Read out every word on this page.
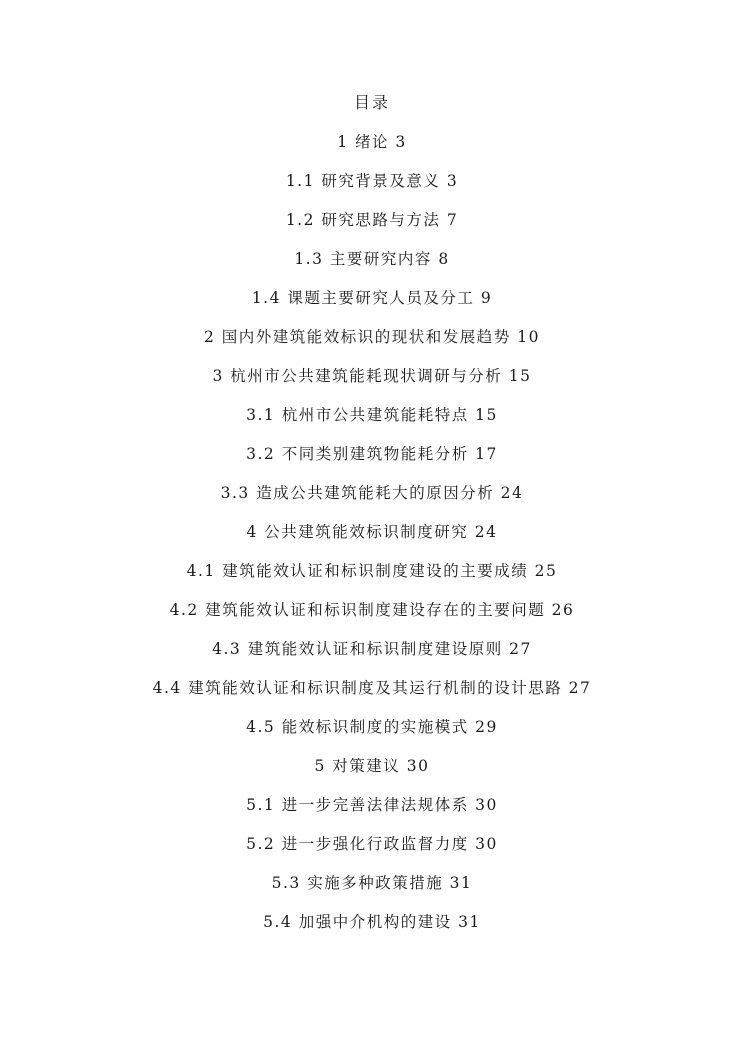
目录
1 绪论 3
1.1 研究背景及意义 3
1.2 研究思路与方法 7
1.3 主要研究内容 8
1.4 课题主要研究人员及分工 9
2 国内外建筑能效标识的现状和发展趋势 10
3 杭州市公共建筑能耗现状调研与分析 15
3.1 杭州市公共建筑能耗特点 15
3.2 不同类别建筑物能耗分析 17
3.3 造成公共建筑能耗大的原因分析 24
4 公共建筑能效标识制度研究 24
4.1 建筑能效认证和标识制度建设的主要成绩 25
4.2 建筑能效认证和标识制度建设存在的主要问题 26
4.3 建筑能效认证和标识制度建设原则 27
4.4 建筑能效认证和标识制度及其运行机制的设计思路 27
4.5 能效标识制度的实施模式 29
5 对策建议 30
5.1 进一步完善法律法规体系 30
5.2 进一步强化行政监督力度 30
5.3 实施多种政策措施 31
5.4 加强中介机构的建设 31
